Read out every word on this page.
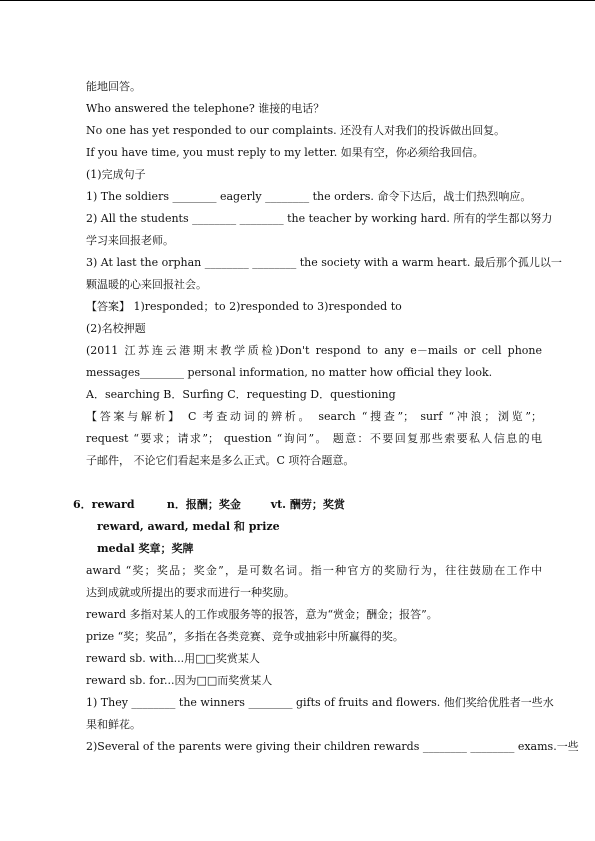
能地回答。
Who answered the telephone? 谁接的电话？
No one has yet responded to our complaints. 还没有人对我们的投诉做出回复。
If you have time, you must reply to my letter. 如果有空，你必须给我回信。
(1)完成句子
1) The soldiers ________ eagerly ________ the orders. 命令下达后，战士们热烈响应。
2) All the students ________ ________ the teacher by working hard. 所有的学生都以努力
学习来回报老师。
3) At last the orphan ________ ________ the society with a warm heart. 最后那个孤儿以一
颗温暖的心来回报社会。
【答案】 1)responded；to 2)responded to 3)responded to
(2)名校押题
(2011 江苏连云港期末教学质检)Don't respond to any e－mails or cell phone
messages________ personal information, no matter how official they look.
A．searching B．Surfing C．requesting D．questioning
【答案与解析】 C 考查动词的辨析。 search “搜查”； surf “冲浪；浏览”；
request “要求；请求”； question “询问”。 题意：不要回复那些索要私人信息的电
子邮件， 不论它们看起来是多么正式。C 项符合题意。
6．reward	n．报酬；奖金	vt. 酬劳；奖赏
reward, award, medal 和 prize
medal 奖章；奖牌
award “奖；奖品；奖金”，是可数名词。指一种官方的奖励行为，往往鼓励在工作中
达到成就或所提出的要求而进行一种奖励。
reward 多指对某人的工作或服务等的报答，意为“赏金；酬金；报答”。
prize “奖；奖品”，多指在各类竞赛、竞争或抽彩中所赢得的奖。
reward sb. with...用□□奖赏某人
reward sb. for...因为□□而奖赏某人
1) They ________ the winners ________ gifts of fruits and flowers. 他们奖给优胜者一些水
果和鲜花。
2)Several of the parents were giving their children rewards ________ ________ exams.一些
